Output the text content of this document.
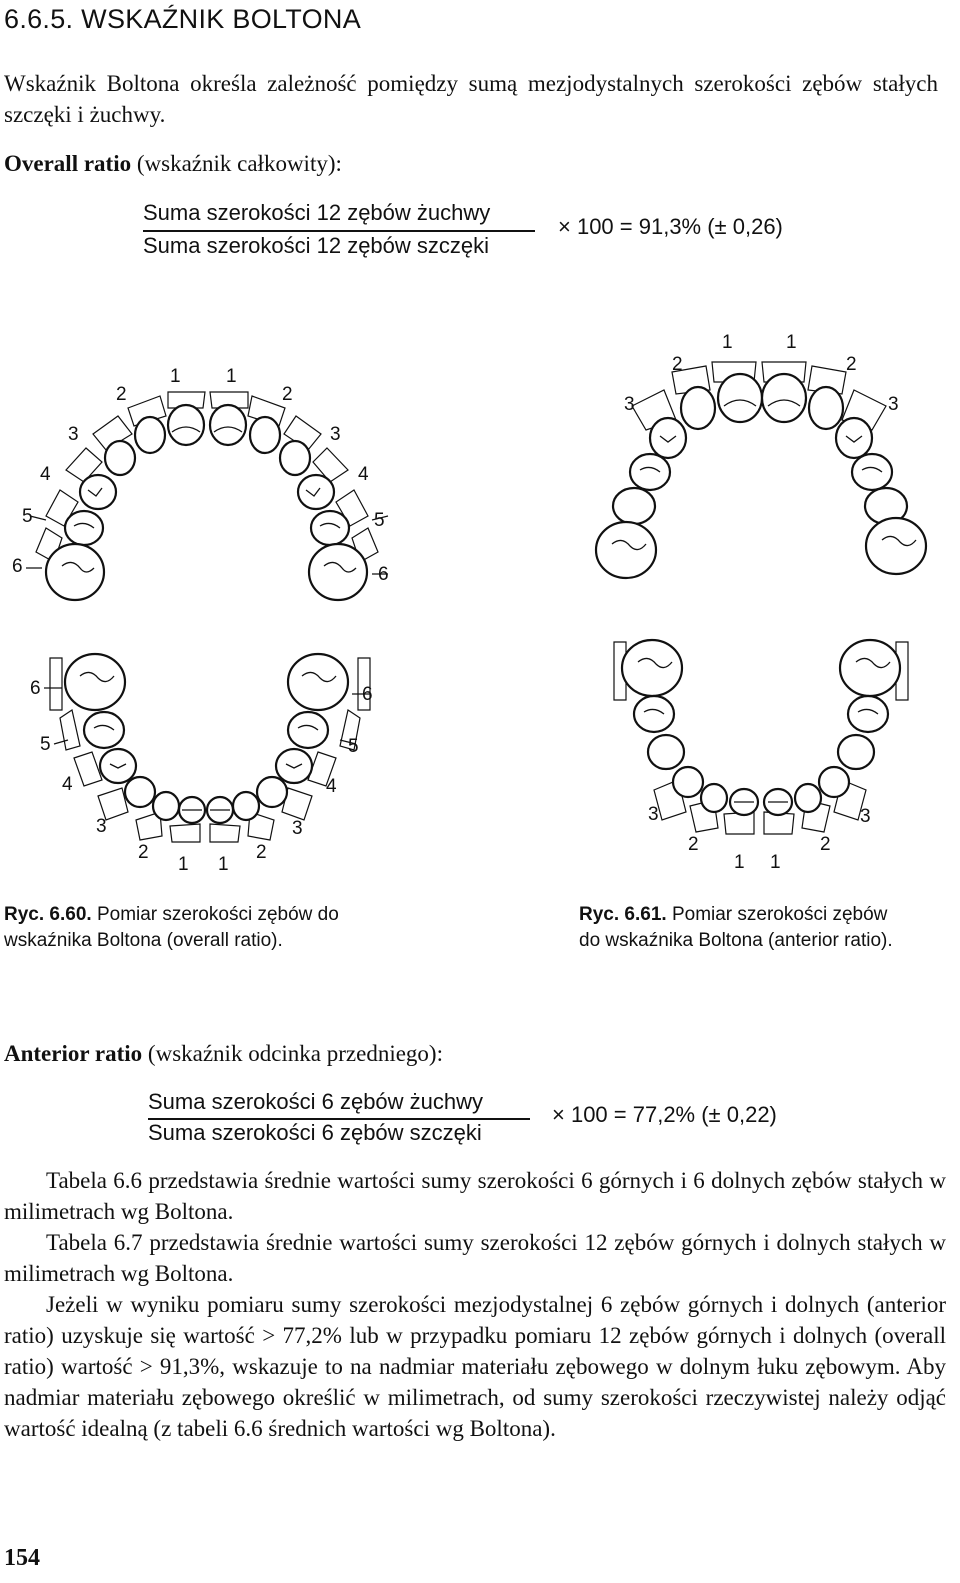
6.6.5. WSKAŹNIK BOLTONA
Wskaźnik Boltona określa zależność pomiędzy sumą mezjodystalnych szerokości zębów stałych szczęki i żuchwy.
Overall ratio (wskaźnik całkowity):
Suma szerokości 12 zębów żuchwy
Suma szerokości 12 zębów szczęki
× 100 = 91,3% (± 0,26)
1 1
2	2
3	3
4	4
5	5
6	6
6	6
5	5
4	4
3	3
2	2
1 1
1	1
2	2
3	3
3	3
2	2
1 1
Ryc. 6.60. Pomiar szerokości zębów do
wskaźnika Boltona (overall ratio).
Ryc. 6.61. Pomiar szerokości zębów
do wskaźnika Boltona (anterior ratio).
Anterior ratio (wskaźnik odcinka przedniego):
Suma szerokości 6 zębów żuchwy
Suma szerokości 6 zębów szczęki
× 100 = 77,2% (± 0,22)

Tabela 6.6 przedstawia średnie wartości sumy szerokości 6 górnych i 6 dolnych zębów stałych w milimetrach wg Boltona.

Tabela 6.7 przedstawia średnie wartości sumy szerokości 12 zębów górnych i dolnych stałych w milimetrach wg Boltona.

Jeżeli w wyniku pomiaru sumy szerokości mezjodystalnej 6 zębów górnych i dolnych (anterior ratio) uzyskuje się wartość > 77,2% lub w przypadku pomiaru 12 zębów górnych i dolnych (overall ratio) wartość > 91,3%, wskazuje to na nadmiar materiału zębowego w dolnym łuku zębowym. Aby nadmiar materiału zębowego określić w milimetrach, od sumy szerokości rzeczywistej należy odjąć wartość idealną (z tabeli 6.6 średnich wartości wg Boltona).

154
